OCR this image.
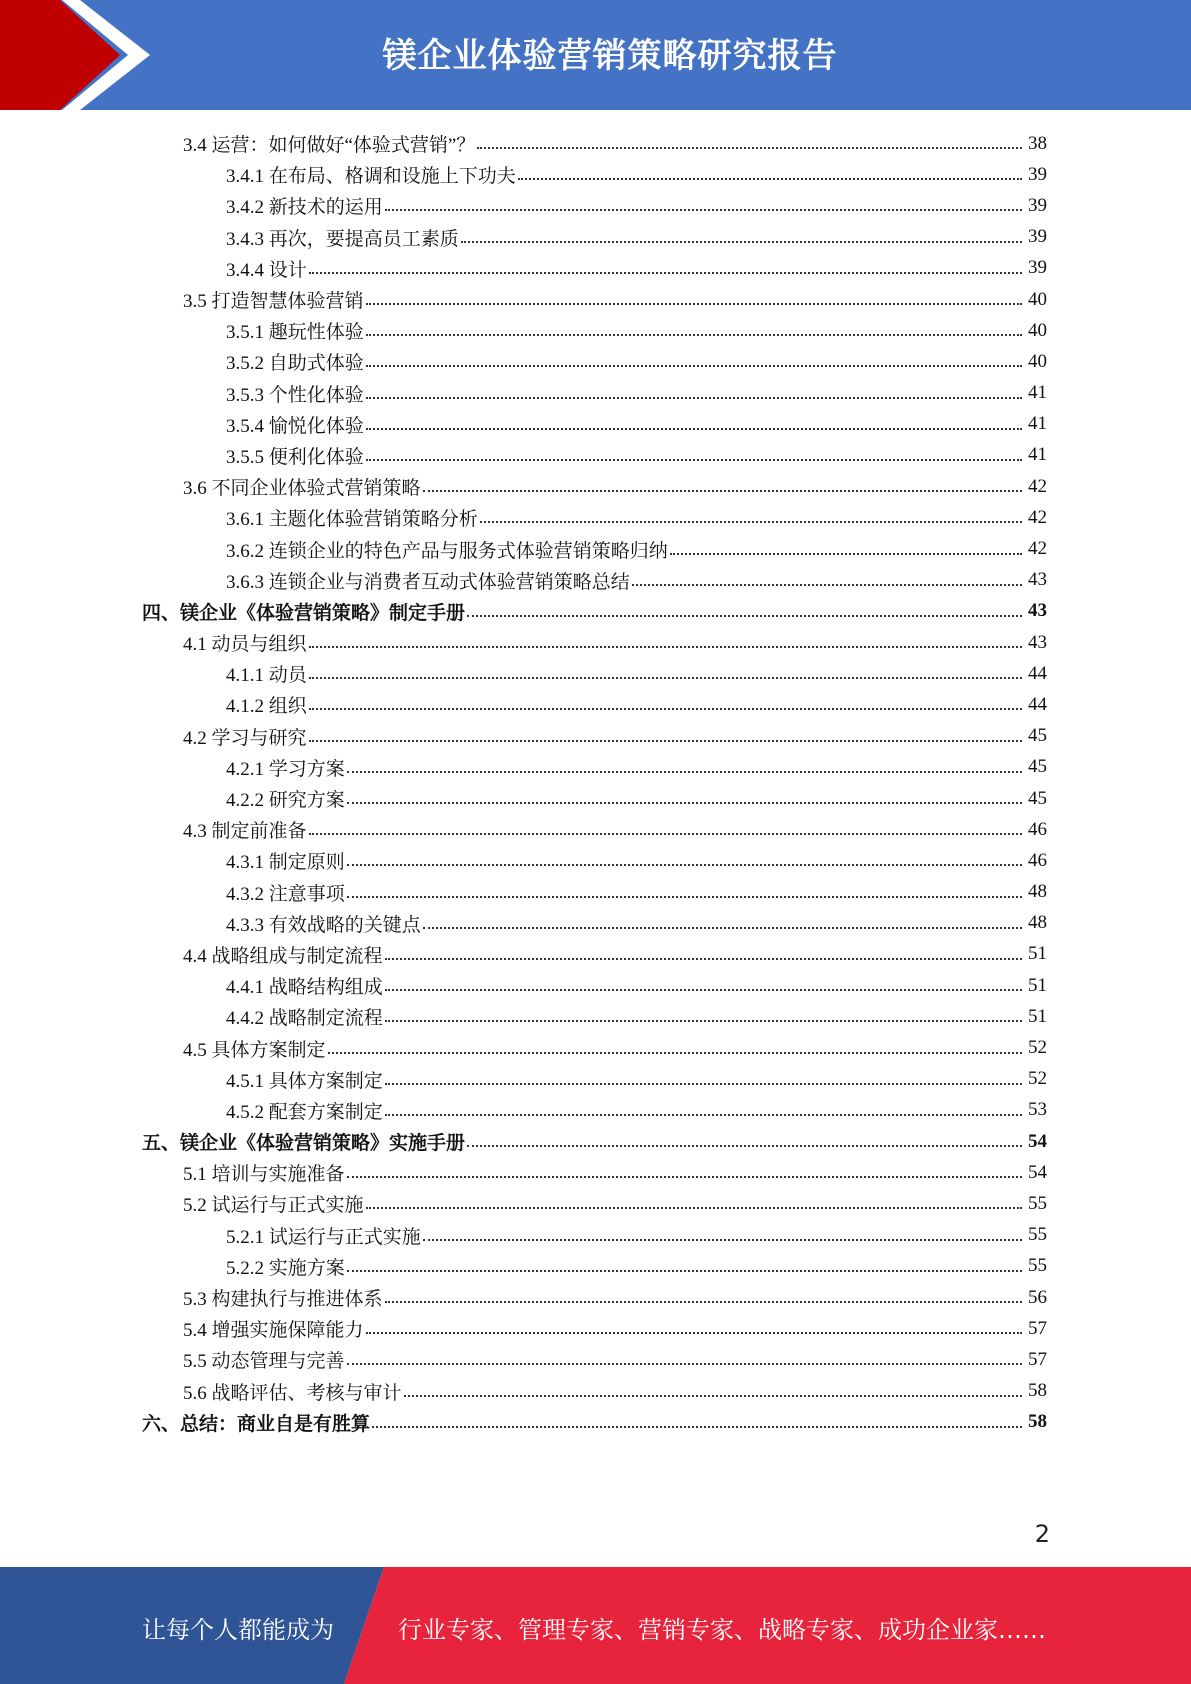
镁企业体验营销策略研究报告
3.4 运营：如何做好“体验式营销”？	38
3.4.1 在布局、格调和设施上下功夫	39
3.4.2 新技术的运用	39
3.4.3 再次，要提高员工素质	39
3.4.4 设计	39
3.5 打造智慧体验营销	40
3.5.1 趣玩性体验	40
3.5.2 自助式体验	40
3.5.3 个性化体验	41
3.5.4 愉悦化体验	41
3.5.5 便利化体验	41
3.6 不同企业体验式营销策略	42
3.6.1 主题化体验营销策略分析	42
3.6.2 连锁企业的特色产品与服务式体验营销策略归纳	42
3.6.3 连锁企业与消费者互动式体验营销策略总结	43
四、镁企业《体验营销策略》制定手册	43
4.1 动员与组织	43
4.1.1 动员	44
4.1.2 组织	44
4.2 学习与研究	45
4.2.1 学习方案	45
4.2.2 研究方案	45
4.3 制定前准备	46
4.3.1 制定原则	46
4.3.2 注意事项	48
4.3.3 有效战略的关键点	48
4.4 战略组成与制定流程	51
4.4.1 战略结构组成	51
4.4.2 战略制定流程	51
4.5 具体方案制定	52
4.5.1 具体方案制定	52
4.5.2 配套方案制定	53
五、镁企业《体验营销策略》实施手册	54
5.1 培训与实施准备	54
5.2 试运行与正式实施	55
5.2.1 试运行与正式实施	55
5.2.2 实施方案	55
5.3 构建执行与推进体系	56
5.4 增强实施保障能力	57
5.5 动态管理与完善	57
5.6 战略评估、考核与审计	58
六、总结：商业自是有胜算	58
2
让每个人都能成为	行业专家、管理专家、营销专家、战略专家、成功企业家……
